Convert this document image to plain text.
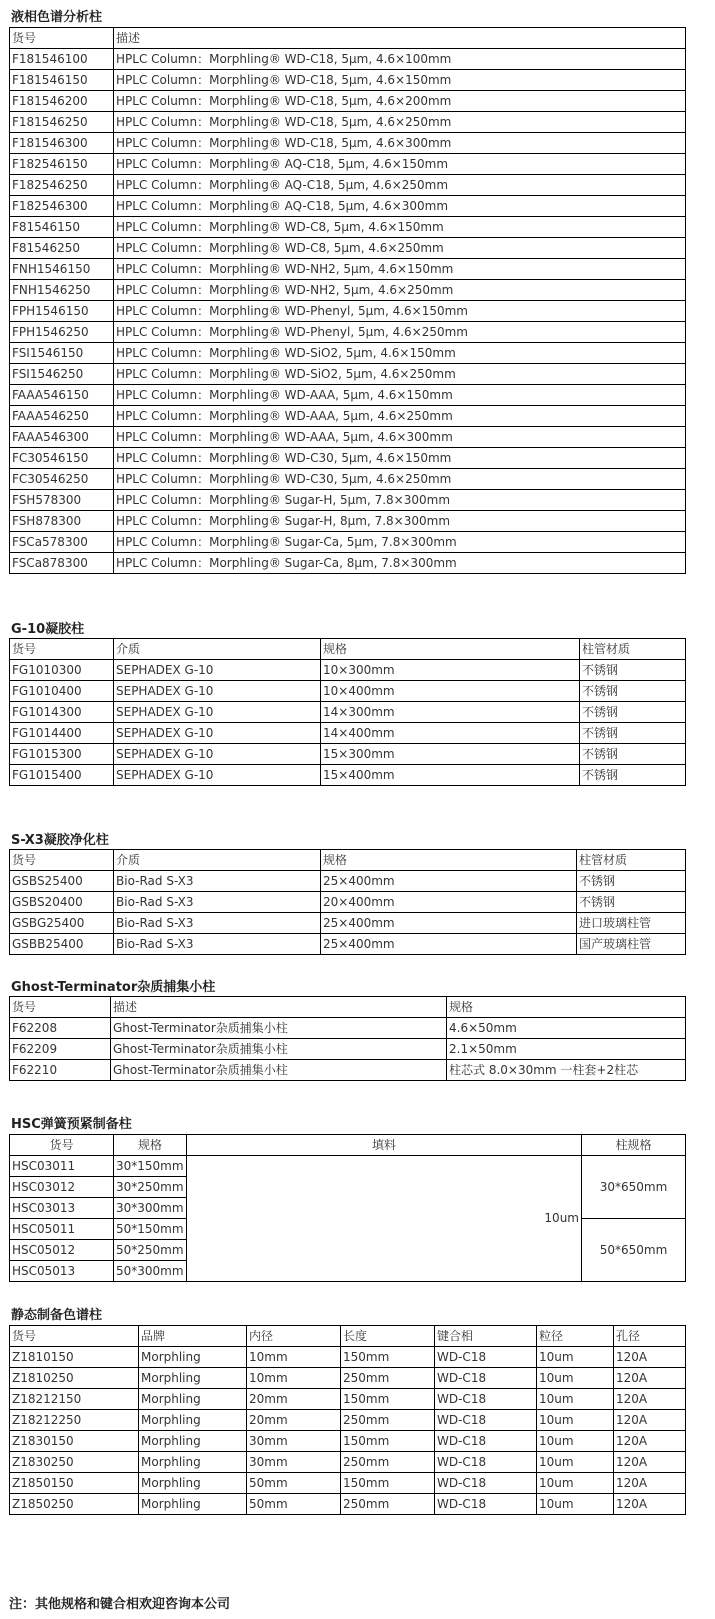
液相色谱分析柱
货号	描述
F181546100	HPLC Column：Morphling® WD-C18, 5μm, 4.6×100mm
F181546150	HPLC Column：Morphling® WD-C18, 5μm, 4.6×150mm
F181546200	HPLC Column：Morphling® WD-C18, 5μm, 4.6×200mm
F181546250	HPLC Column：Morphling® WD-C18, 5μm, 4.6×250mm
F181546300	HPLC Column：Morphling® WD-C18, 5μm, 4.6×300mm
F182546150	HPLC Column：Morphling® AQ-C18, 5μm, 4.6×150mm
F182546250	HPLC Column：Morphling® AQ-C18, 5μm, 4.6×250mm
F182546300	HPLC Column：Morphling® AQ-C18, 5μm, 4.6×300mm
F81546150	HPLC Column：Morphling® WD-C8, 5μm, 4.6×150mm
F81546250	HPLC Column：Morphling® WD-C8, 5μm, 4.6×250mm
FNH1546150	HPLC Column：Morphling® WD-NH2, 5μm, 4.6×150mm
FNH1546250	HPLC Column：Morphling® WD-NH2, 5μm, 4.6×250mm
FPH1546150	HPLC Column：Morphling® WD-Phenyl, 5μm, 4.6×150mm
FPH1546250	HPLC Column：Morphling® WD-Phenyl, 5μm, 4.6×250mm
FSI1546150	HPLC Column：Morphling® WD-SiO2, 5μm, 4.6×150mm
FSI1546250	HPLC Column：Morphling® WD-SiO2, 5μm, 4.6×250mm
FAAA546150	HPLC Column：Morphling® WD-AAA, 5μm, 4.6×150mm
FAAA546250	HPLC Column：Morphling® WD-AAA, 5μm, 4.6×250mm
FAAA546300	HPLC Column：Morphling® WD-AAA, 5μm, 4.6×300mm
FC30546150	HPLC Column：Morphling® WD-C30, 5μm, 4.6×150mm
FC30546250	HPLC Column：Morphling® WD-C30, 5μm, 4.6×250mm
FSH578300	HPLC Column：Morphling® Sugar-H, 5μm, 7.8×300mm
FSH878300	HPLC Column：Morphling® Sugar-H, 8μm, 7.8×300mm
FSCa578300	HPLC Column：Morphling® Sugar-Ca, 5μm, 7.8×300mm
FSCa878300	HPLC Column：Morphling® Sugar-Ca, 8μm, 7.8×300mm
G-10凝胶柱
货号	介质	规格	柱管材质
FG1010300	SEPHADEX G-10	10×300mm	不锈钢
FG1010400	SEPHADEX G-10	10×400mm	不锈钢
FG1014300	SEPHADEX G-10	14×300mm	不锈钢
FG1014400	SEPHADEX G-10	14×400mm	不锈钢
FG1015300	SEPHADEX G-10	15×300mm	不锈钢
FG1015400	SEPHADEX G-10	15×400mm	不锈钢
S-X3凝胶净化柱
货号	介质	规格	柱管材质
GSBS25400	Bio-Rad S-X3	25×400mm	不锈钢
GSBS20400	Bio-Rad S-X3	20×400mm	不锈钢
GSBG25400	Bio-Rad S-X3	25×400mm	进口玻璃柱管
GSBB25400	Bio-Rad S-X3	25×400mm	国产玻璃柱管
Ghost-Terminator杂质捕集小柱
货号	描述	规格
F62208	Ghost-Terminator杂质捕集小柱	4.6×50mm
F62209	Ghost-Terminator杂质捕集小柱	2.1×50mm
F62210	Ghost-Terminator杂质捕集小柱	柱芯式 8.0×30mm 一柱套+2柱芯
HSC弹簧预紧制备柱
货号	规格	填料	柱规格
HSC03011	30*150mm	10um	30*650mm
HSC03012	30*250mm		
HSC03013	30*300mm		
HSC05011	50*150mm		50*650mm
HSC05012	50*250mm		
HSC05013	50*300mm		
静态制备色谱柱
货号	品牌	内径	长度	键合相	粒径	孔径
Z1810150	Morphling	10mm	150mm	WD-C18	10um	120A
Z1810250	Morphling	10mm	250mm	WD-C18	10um	120A
Z18212150	Morphling	20mm	150mm	WD-C18	10um	120A
Z18212250	Morphling	20mm	250mm	WD-C18	10um	120A
Z1830150	Morphling	30mm	150mm	WD-C18	10um	120A
Z1830250	Morphling	30mm	250mm	WD-C18	10um	120A
Z1850150	Morphling	50mm	150mm	WD-C18	10um	120A
Z1850250	Morphling	50mm	250mm	WD-C18	10um	120A
注：其他规格和键合相欢迎咨询本公司
